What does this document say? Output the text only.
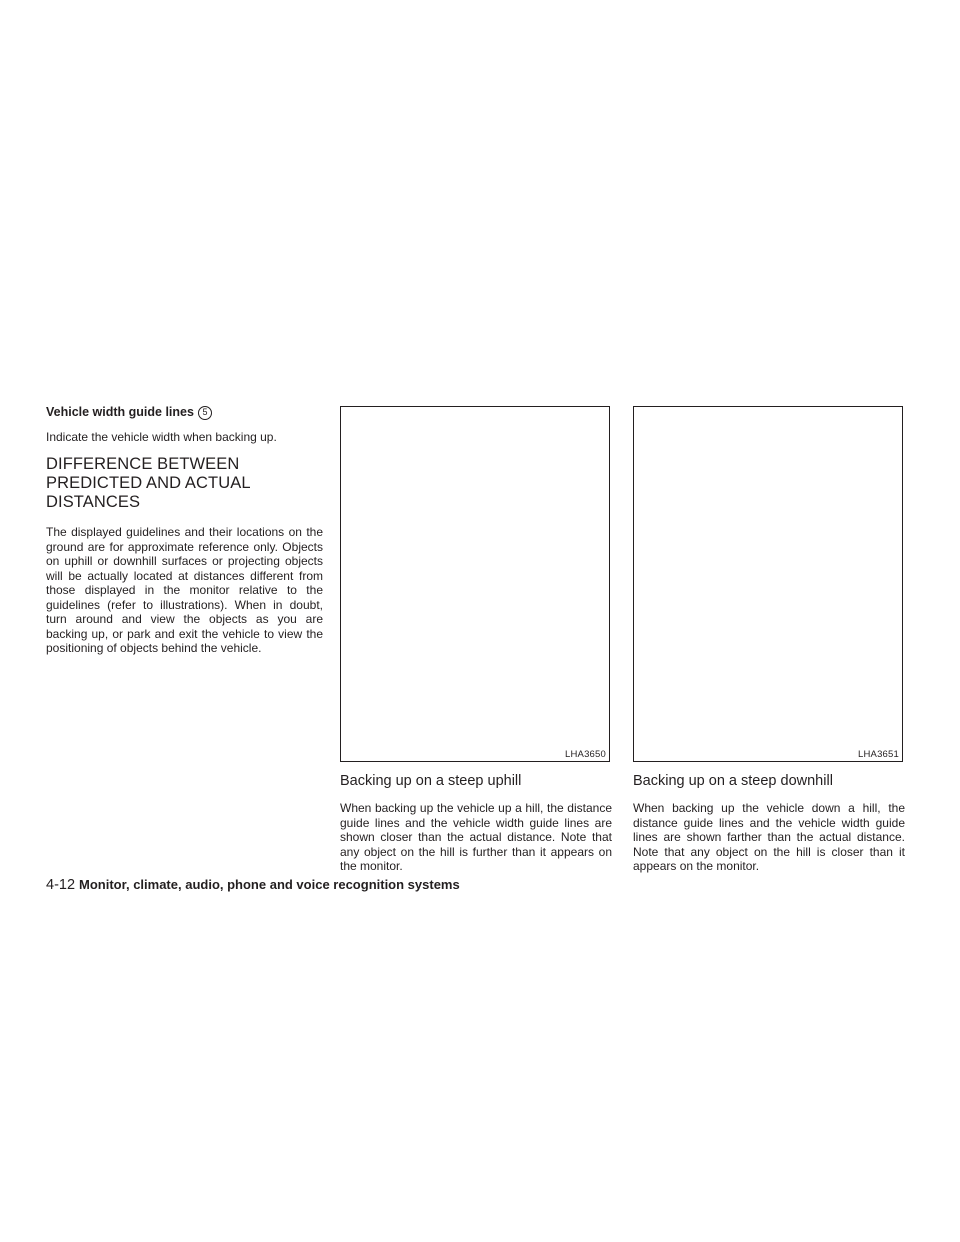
Vehicle width guide lines 5

Indicate the vehicle width when backing up.

DIFFERENCE BETWEEN PREDICTED AND ACTUAL DISTANCES

The displayed guidelines and their locations on the ground are for approximate reference only. Objects on uphill or downhill surfaces or projecting objects will be actually located at distances different from those displayed in the monitor relative to the guidelines (refer to illustrations). When in doubt, turn around and view the objects as you are backing up, or park and exit the vehicle to view the positioning of objects behind the vehicle.

LHA3650
Backing up on a steep uphill

When backing up the vehicle up a hill, the distance guide lines and the vehicle width guide lines are shown closer than the actual distance. Note that any object on the hill is further than it appears on the monitor.

LHA3651
Backing up on a steep downhill

When backing up the vehicle down a hill, the distance guide lines and the vehicle width guide lines are shown farther than the actual distance. Note that any object on the hill is closer than it appears on the monitor.

4-12 Monitor, climate, audio, phone and voice recognition systems
